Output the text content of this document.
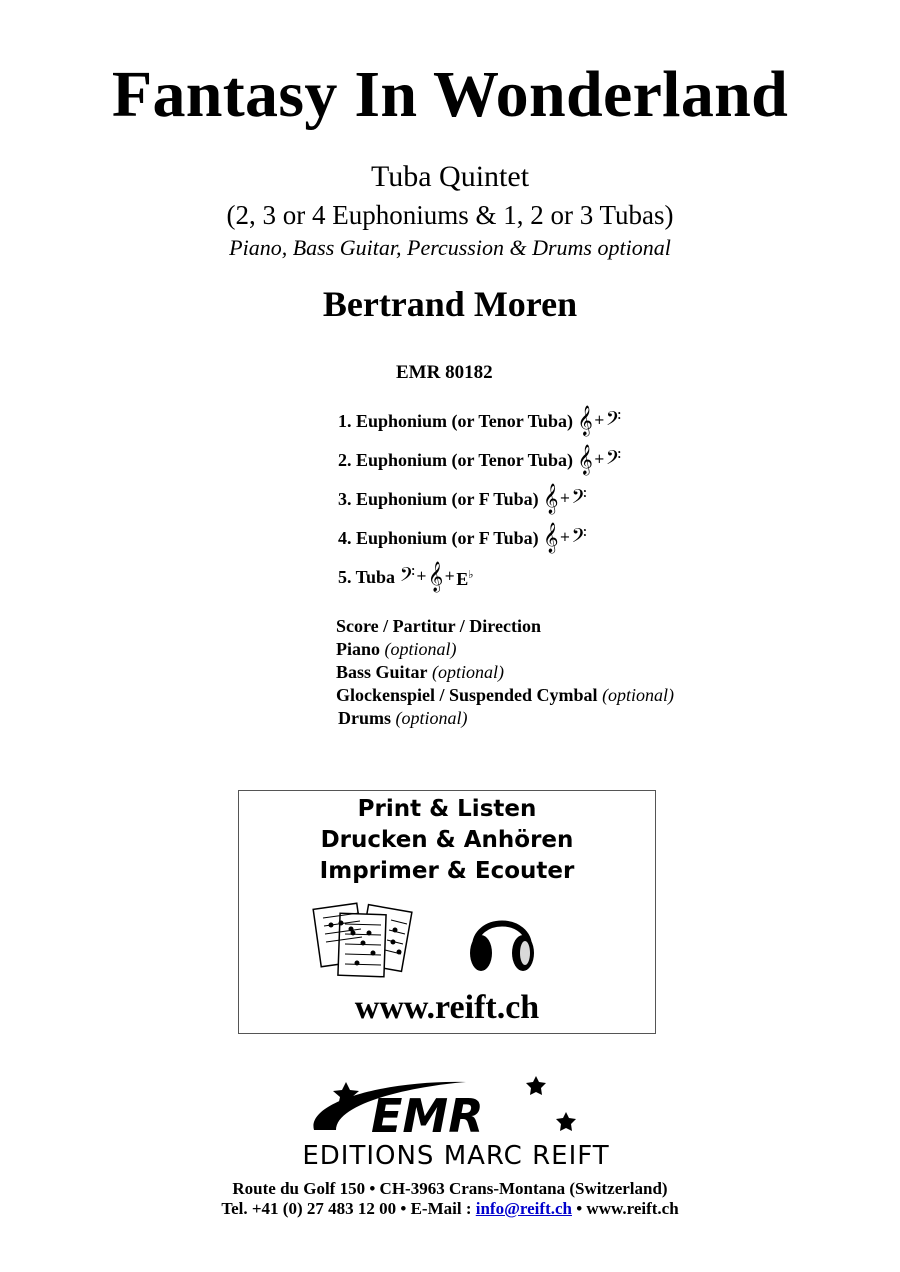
Fantasy In Wonderland
Tuba Quintet
(2, 3 or 4 Euphoniums & 1, 2 or 3 Tubas)
Piano, Bass Guitar, Percussion & Drums optional
Bertrand Moren
EMR 80182
1. Euphonium (or Tenor Tuba) 𝄞+𝄢
2. Euphonium (or Tenor Tuba) 𝄞+𝄢
3. Euphonium (or F Tuba) 𝄞+𝄢
4. Euphonium (or F Tuba) 𝄞+𝄢
5. Tuba 𝄢+𝄞+E♭
Score / Partitur / Direction
Piano (optional)
Bass Guitar (optional)
Glockenspiel / Suspended Cymbal (optional)
Drums (optional)
Print & Listen
Drucken & Anhören
Imprimer & Ecouter
www.reift.ch
EMR
EDITIONS MARC REIFT
Route du Golf 150 • CH-3963 Crans-Montana (Switzerland)
Tel. +41 (0) 27 483 12 00 • E-Mail : info@reift.ch • www.reift.ch
